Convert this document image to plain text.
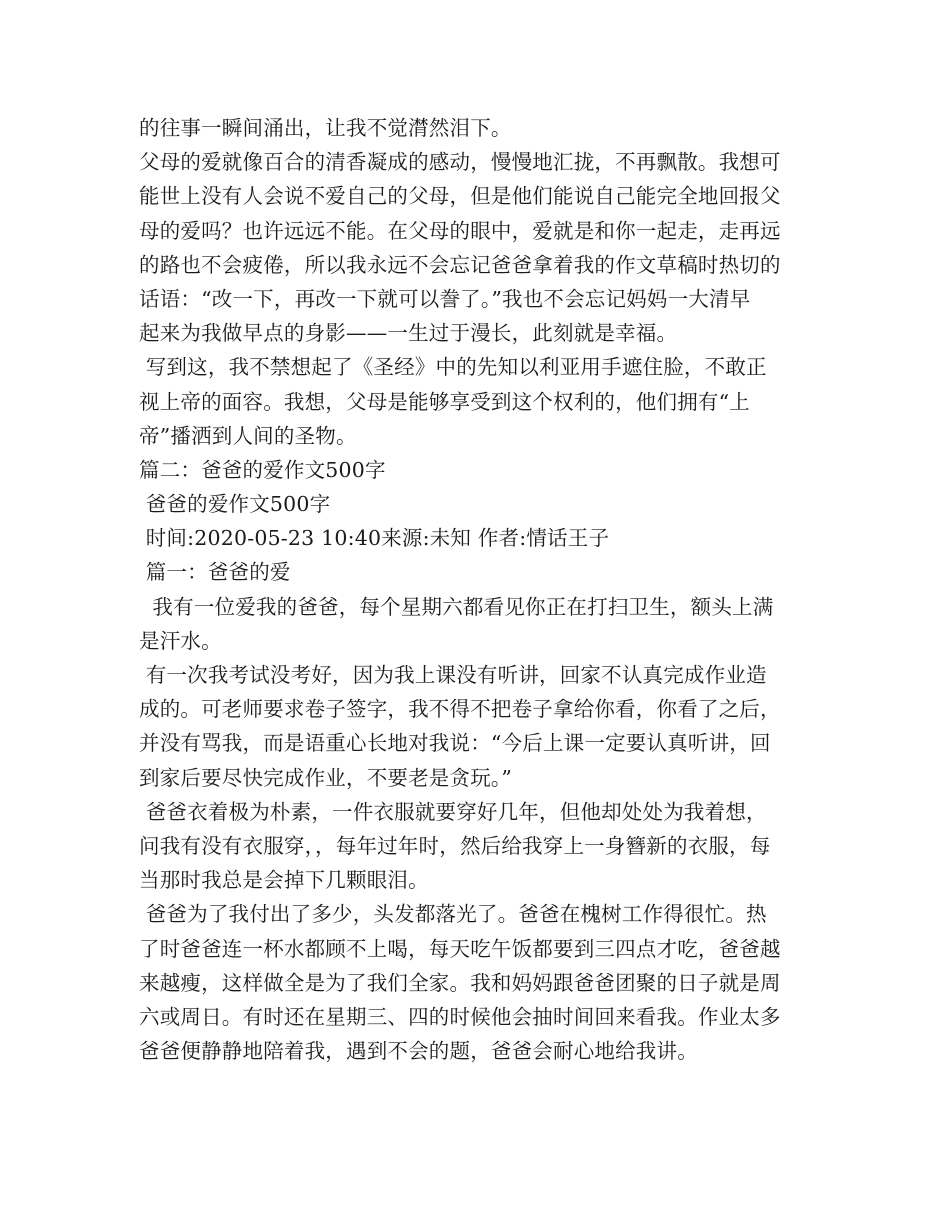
的往事一瞬间涌出，让我不觉潸然泪下。

父母的爱就像百合的清香凝成的感动，慢慢地汇拢，不再飘散。我想可
能世上没有人会说不爱自己的父母，但是他们能说自己能完全地回报父
母的爱吗？也许远远不能。在父母的眼中，爱就是和你一起走，走再远
的路也不会疲倦，所以我永远不会忘记爸爸拿着我的作文草稿时热切的
话语：“改一下，再改一下就可以誊了。”我也不会忘记妈妈一大清早
起来为我做早点的身影——一生过于漫长，此刻就是幸福。

写到这，我不禁想起了《圣经》中的先知以利亚用手遮住脸，不敢正
视上帝的面容。我想，父母是能够享受到这个权利的，他们拥有“上
帝”播洒到人间的圣物。

篇二：爸爸的爱作文500字

爸爸的爱作文500字

时间:2020-05-23 10:40来源:未知 作者:情话王子

篇一：爸爸的爱

我有一位爱我的爸爸，每个星期六都看见你正在打扫卫生，额头上满
是汗水。

有一次我考试没考好，因为我上课没有听讲，回家不认真完成作业造
成的。可老师要求卷子签字，我不得不把卷子拿给你看，你看了之后，
并没有骂我，而是语重心长地对我说：“今后上课一定要认真听讲，回
到家后要尽快完成作业，不要老是贪玩。”

爸爸衣着极为朴素，一件衣服就要穿好几年，但他却处处为我着想，
问我有没有衣服穿，，每年过年时，然后给我穿上一身簪新的衣服，每
当那时我总是会掉下几颗眼泪。

爸爸为了我付出了多少，头发都落光了。爸爸在槐树工作得很忙。热
了时爸爸连一杯水都顾不上喝，每天吃午饭都要到三四点才吃，爸爸越
来越瘦，这样做全是为了我们全家。我和妈妈跟爸爸团聚的日子就是周
六或周日。有时还在星期三、四的时候他会抽时间回来看我。作业太多
爸爸便静静地陪着我，遇到不会的题，爸爸会耐心地给我讲。
